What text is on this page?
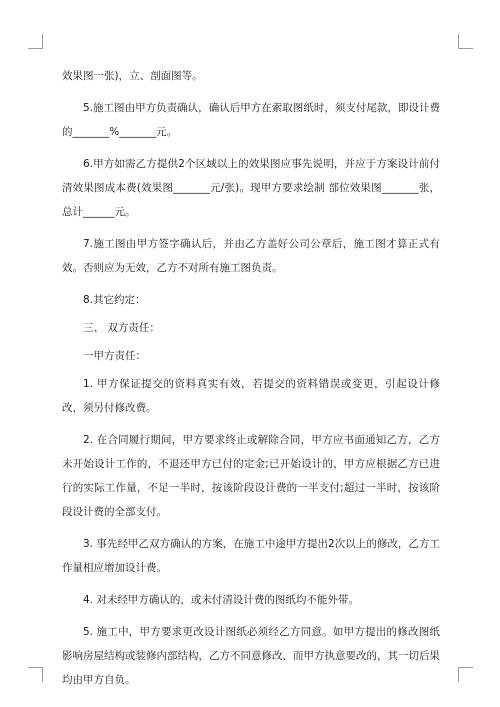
效果图一张)，立、剖面图等。

5.施工图由甲方负责确认，确认后甲方在索取图纸时，须支付尾款，即设计费的_______%_______元。

6.甲方如需乙方提供2个区域以上的效果图应事先说明，并应于方案设计前付清效果图成本费(效果图_______元/张)。现甲方要求绘制 部位效果图_______张，总计______元。

7.施工图由甲方签字确认后，并由乙方盖好公司公章后，施工图才算正式有效。否则应为无效，乙方不对所有施工图负责。

8.其它约定：

三、 双方责任：

一甲方责任：

1. 甲方保证提交的资料真实有效，若提交的资料错误或变更，引起设计修改，须另付修改费。

2. 在合同履行期间，甲方要求终止或解除合同，甲方应书面通知乙方，乙方未开始设计工作的，不退还甲方已付的定金;已开始设计的，甲方应根据乙方已进行的实际工作量，不足一半时，按该阶段设计费的一半支付;超过一半时，按该阶段设计费的全部支付。

3. 事先经甲乙双方确认的方案，在施工中途甲方提出2次以上的修改，乙方工作量相应增加设计费。

4. 对未经甲方确认的，或未付清设计费的图纸均不能外带。

5. 施工中，甲方要求更改设计图纸必须经乙方同意。如甲方提出的修改图纸影响房屋结构或装修内部结构，乙方不同意修改，而甲方执意要改的，其一切后果均由甲方自负。
